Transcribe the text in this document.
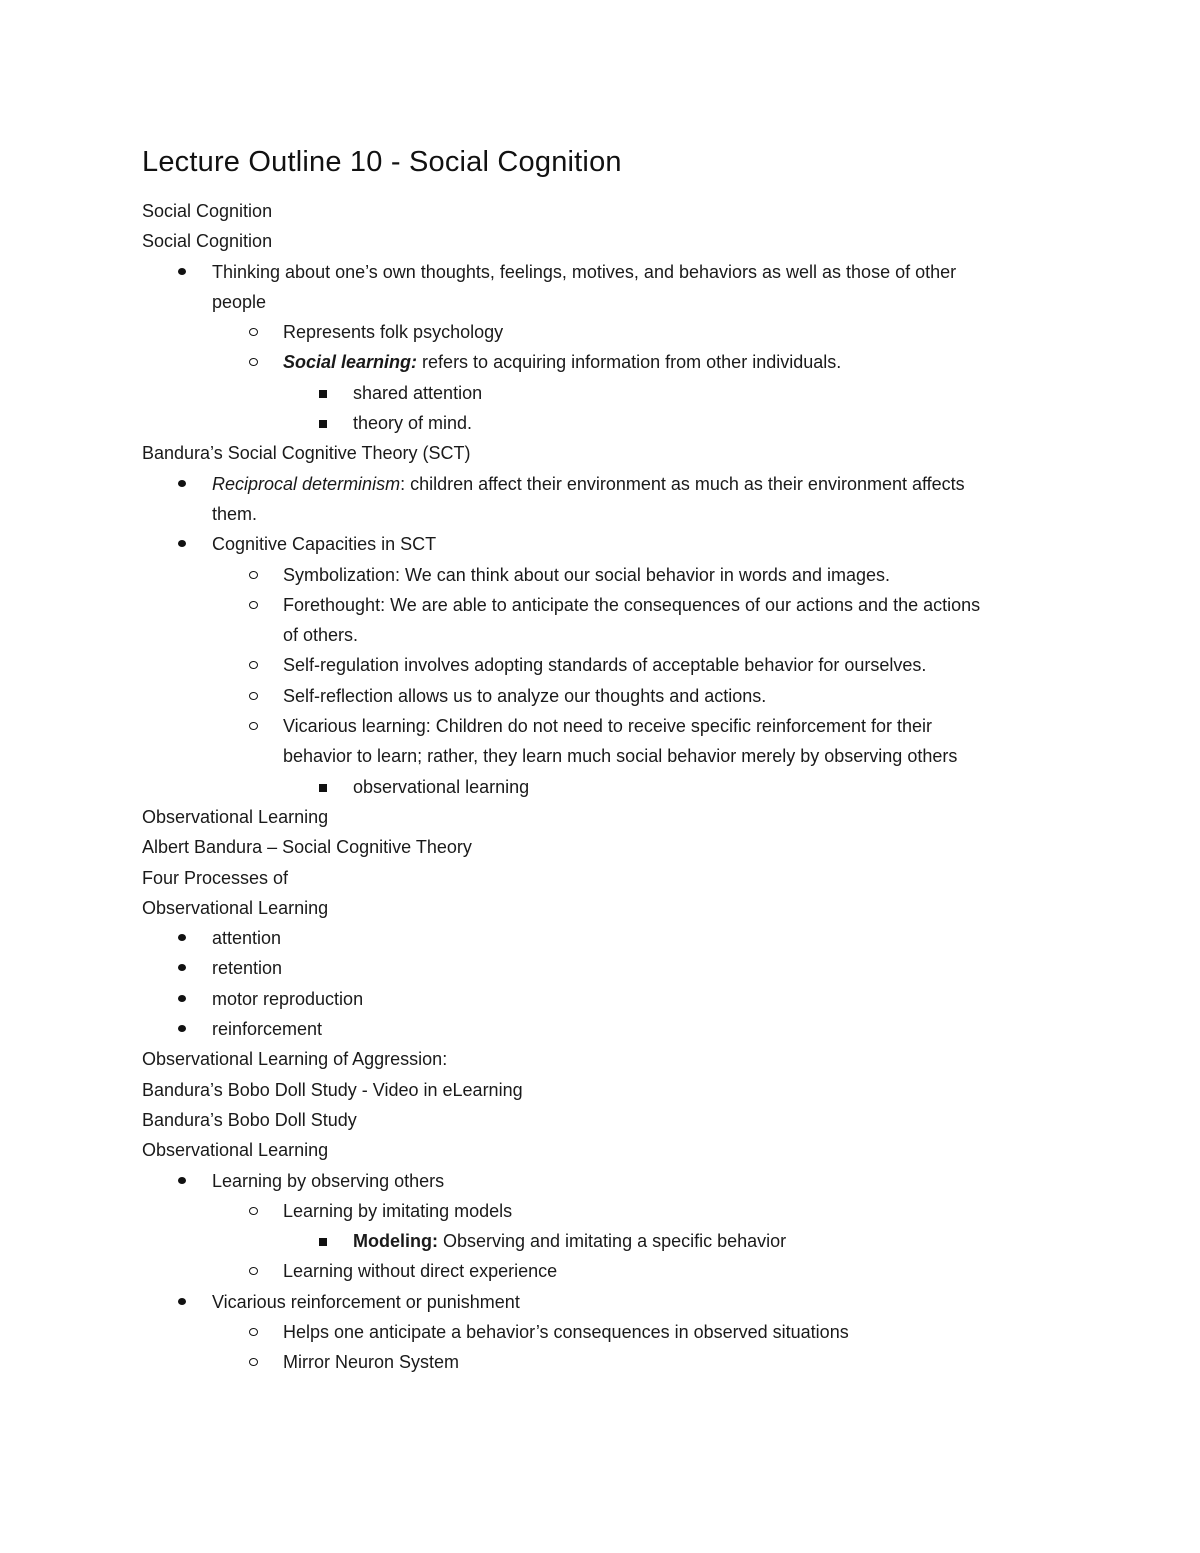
Lecture Outline 10 - Social Cognition
Social Cognition
Social Cognition
Thinking about one’s own thoughts, feelings, motives, and behaviors as well as those of other
people
Represents folk psychology
Social learning: refers to acquiring information from other individuals.
shared attention
theory of mind.
Bandura’s Social Cognitive Theory (SCT)
Reciprocal determinism: children affect their environment as much as their environment affects
them.
Cognitive Capacities in SCT
Symbolization: We can think about our social behavior in words and images.
Forethought: We are able to anticipate the consequences of our actions and the actions
of others.
Self-regulation involves adopting standards of acceptable behavior for ourselves.
Self-reflection allows us to analyze our thoughts and actions.
Vicarious learning: Children do not need to receive specific reinforcement for their
behavior to learn; rather, they learn much social behavior merely by observing others
observational learning
Observational Learning
Albert Bandura – Social Cognitive Theory
Four Processes of
Observational Learning
attention
retention
motor reproduction
reinforcement
Observational Learning of Aggression:
Bandura’s Bobo Doll Study - Video in eLearning
Bandura’s Bobo Doll Study
Observational Learning
Learning by observing others
Learning by imitating models
Modeling: Observing and imitating a specific behavior
Learning without direct experience
Vicarious reinforcement or punishment
Helps one anticipate a behavior’s consequences in observed situations
Mirror Neuron System
